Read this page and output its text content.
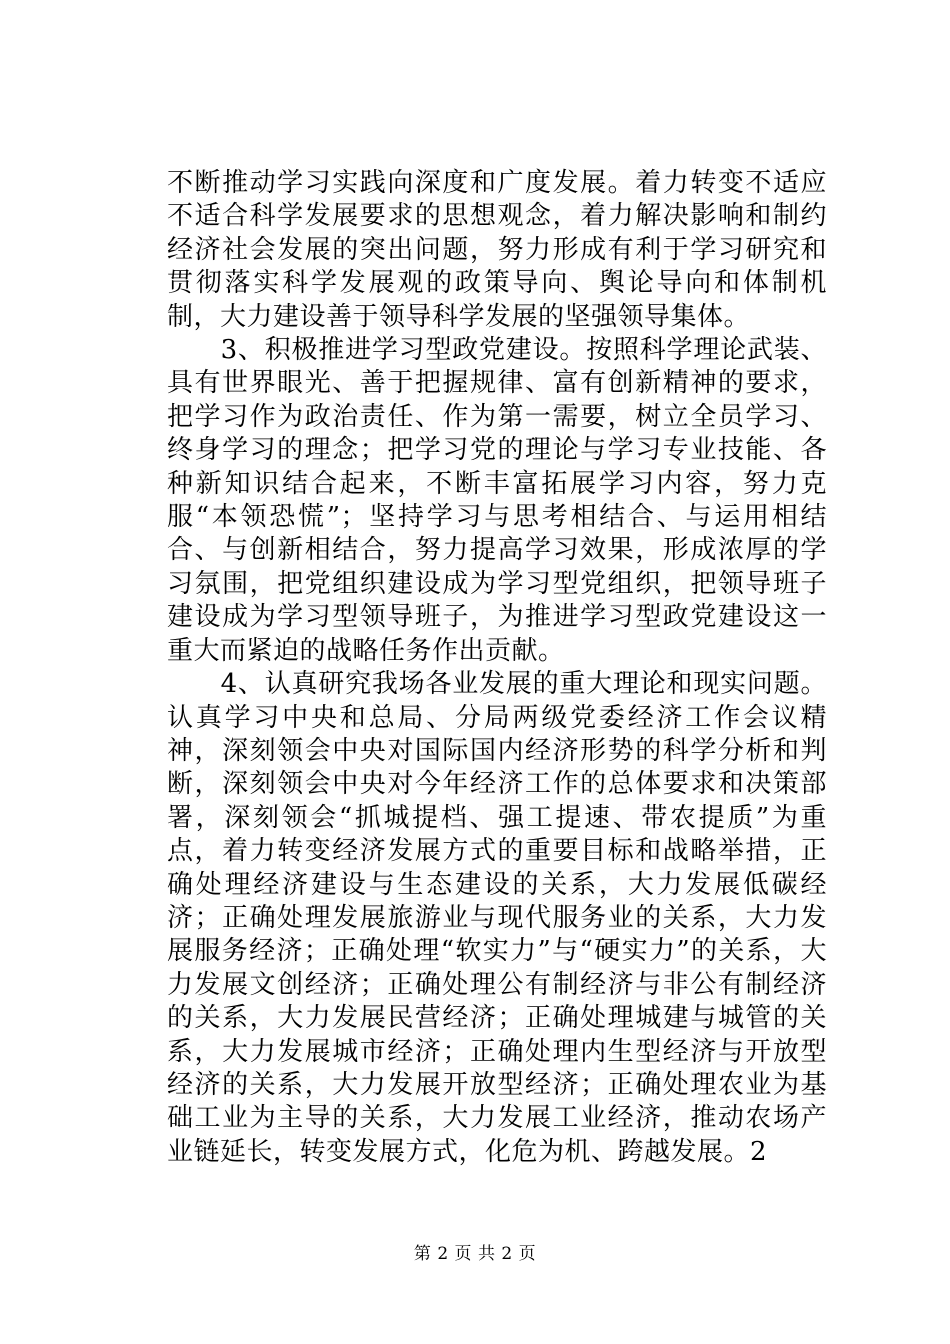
不断推动学习实践向深度和广度发展。着力转变不适应不适合科学发展要求的思想观念，着力解决影响和制约经济社会发展的突出问题，努力形成有利于学习研究和贯彻落实科学发展观的政策导向、舆论导向和体制机制，大力建设善于领导科学发展的坚强领导集体。

　　3、积极推进学习型政党建设。按照科学理论武装、具有世界眼光、善于把握规律、富有创新精神的要求，把学习作为政治责任、作为第一需要，树立全员学习、终身学习的理念；把学习党的理论与学习专业技能、各种新知识结合起来，不断丰富拓展学习内容，努力克服“本领恐慌”；坚持学习与思考相结合、与运用相结合、与创新相结合，努力提高学习效果，形成浓厚的学习氛围，把党组织建设成为学习型党组织，把领导班子建设成为学习型领导班子，为推进学习型政党建设这一重大而紧迫的战略任务作出贡献。

　　4、认真研究我场各业发展的重大理论和现实问题。认真学习中央和总局、分局两级党委经济工作会议精神，深刻领会中央对国际国内经济形势的科学分析和判断，深刻领会中央对今年经济工作的总体要求和决策部署，深刻领会“抓城提档、强工提速、带农提质”为重点，着力转变经济发展方式的重要目标和战略举措，正确处理经济建设与生态建设的关系，大力发展低碳经济；正确处理发展旅游业与现代服务业的关系，大力发展服务经济；正确处理“软实力”与“硬实力”的关系，大力发展文创经济；正确处理公有制经济与非公有制经济的关系，大力发展民营经济；正确处理城建与城管的关系，大力发展城市经济；正确处理内生型经济与开放型经济的关系，大力发展开放型经济；正确处理农业为基础工业为主导的关系，大力发展工业经济，推动农场产业链延长，转变发展方式，化危为机、跨越发展。2

第 2 页 共 2 页
